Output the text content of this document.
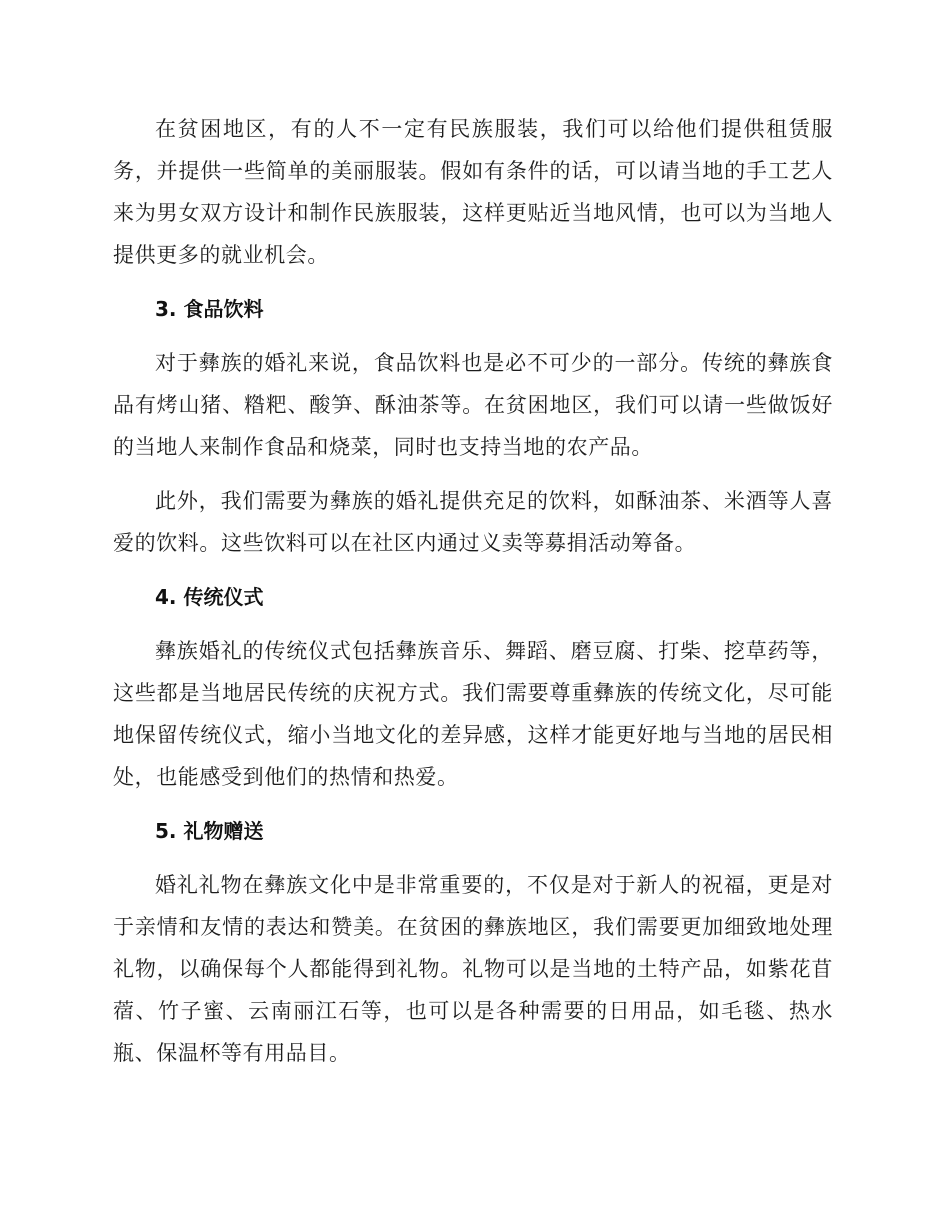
在贫困地区，有的人不一定有民族服装，我们可以给他们提供租赁服务，并提供一些简单的美丽服装。假如有条件的话，可以请当地的手工艺人来为男女双方设计和制作民族服装，这样更贴近当地风情，也可以为当地人提供更多的就业机会。

3. 食品饮料

对于彝族的婚礼来说，食品饮料也是必不可少的一部分。传统的彝族食品有烤山猪、糌粑、酸笋、酥油茶等。在贫困地区，我们可以请一些做饭好的当地人来制作食品和烧菜，同时也支持当地的农产品。

此外，我们需要为彝族的婚礼提供充足的饮料，如酥油茶、米酒等人喜爱的饮料。这些饮料可以在社区内通过义卖等募捐活动筹备。

4. 传统仪式

彝族婚礼的传统仪式包括彝族音乐、舞蹈、磨豆腐、打柴、挖草药等，这些都是当地居民传统的庆祝方式。我们需要尊重彝族的传统文化，尽可能地保留传统仪式，缩小当地文化的差异感，这样才能更好地与当地的居民相处，也能感受到他们的热情和热爱。

5. 礼物赠送

婚礼礼物在彝族文化中是非常重要的，不仅是对于新人的祝福，更是对于亲情和友情的表达和赞美。在贫困的彝族地区，我们需要更加细致地处理礼物，以确保每个人都能得到礼物。礼物可以是当地的土特产品，如紫花苜蓿、竹子蜜、云南丽江石等，也可以是各种需要的日用品，如毛毯、热水瓶、保温杯等有用品目。
